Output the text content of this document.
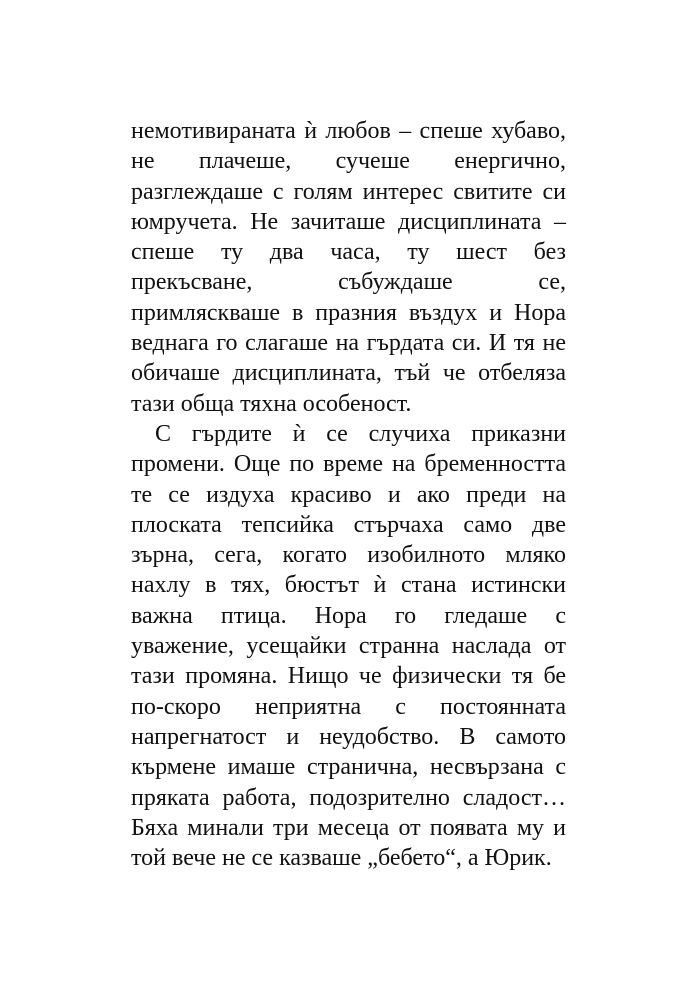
немотивираната ѝ любов – спеше хубаво,
не плачеше, сучеше енергично,
разглеждаше с голям интерес свитите си
юмручета. Не зачиташе дисциплината –
спеше ту два часа, ту шест без
прекъсване, събуждаше се,
примляскваше в празния въздух и Нора
веднага го слагаше на гърдата си. И тя не
обичаше дисциплината, тъй че отбеляза
тази обща тяхна особеност.
С гърдите ѝ се случиха приказни
промени. Още по време на бременността
те се издуха красиво и ако преди на
плоската тепсийка стърчаха само две
зърна, сега, когато изобилното мляко
нахлу в тях, бюстът ѝ стана истински
важна птица. Нора го гледаше с
уважение, усещайки странна наслада от
тази промяна. Нищо че физически тя бе
по-скоро неприятна с постоянната
напрегнатост и неудобство. В самото
кърмене имаше странична, несвързана с
пряката работа, подозрително сладост…
Бяха минали три месеца от появата му и
той вече не се казваше „бебето“, а Юрик.
